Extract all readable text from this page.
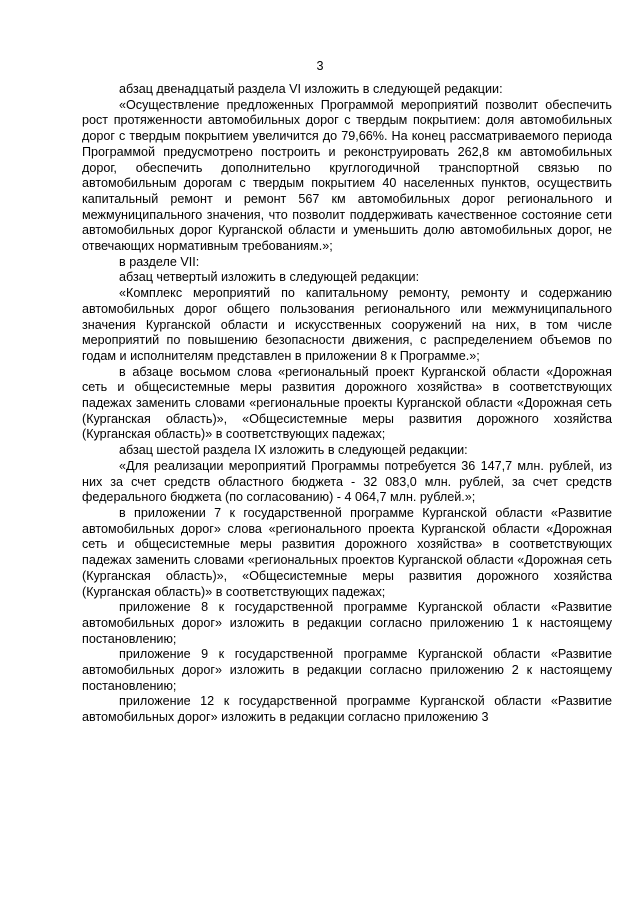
3

абзац двенадцатый раздела VI изложить в следующей редакции:

«Осуществление предложенных Программой мероприятий позволит обеспечить рост протяженности автомобильных дорог с твердым покрытием: доля автомобильных дорог с твердым покрытием увеличится до 79,66%. На конец рассматриваемого периода Программой предусмотрено построить и реконструировать 262,8 км автомобильных дорог, обеспечить дополнительно круглогодичной транспортной связью по автомобильным дорогам с твердым покрытием 40 населенных пунктов, осуществить капитальный ремонт и ремонт 567 км автомобильных дорог регионального и межмуниципального значения, что позволит поддерживать качественное состояние сети автомобильных дорог Курганской области и уменьшить долю автомобильных дорог, не отвечающих нормативным требованиям.»;

в разделе VII:

абзац четвертый изложить в следующей редакции:

«Комплекс мероприятий по капитальному ремонту, ремонту и содержанию автомобильных дорог общего пользования регионального или межмуниципального значения Курганской области и искусственных сооружений на них, в том числе мероприятий по повышению безопасности движения, с распределением объемов по годам и исполнителям представлен в приложении 8 к Программе.»;

в абзаце восьмом слова «региональный проект Курганской области «Дорожная сеть и общесистемные меры развития дорожного хозяйства» в соответствующих падежах заменить словами «региональные проекты Курганской области «Дорожная сеть (Курганская область)», «Общесистемные меры развития дорожного хозяйства (Курганская область)» в соответствующих падежах;

абзац шестой раздела IX изложить в следующей редакции:

«Для реализации мероприятий Программы потребуется 36 147,7 млн. рублей, из них за счет средств областного бюджета - 32 083,0 млн. рублей, за счет средств федерального бюджета (по согласованию) - 4 064,7 млн. рублей.»;

в приложении 7 к государственной программе Курганской области «Развитие автомобильных дорог» слова «регионального проекта Курганской области «Дорожная сеть и общесистемные меры развития дорожного хозяйства» в соответствующих падежах заменить словами «региональных проектов Курганской области «Дорожная сеть (Курганская область)», «Общесистемные меры развития дорожного хозяйства (Курганская область)» в соответствующих падежах;

приложение 8 к государственной программе Курганской области «Развитие автомобильных дорог» изложить в редакции согласно приложению 1 к настоящему постановлению;

приложение 9 к государственной программе Курганской области «Развитие автомобильных дорог» изложить в редакции согласно приложению 2 к настоящему постановлению;

приложение 12 к государственной программе Курганской области «Развитие автомобильных дорог» изложить в редакции согласно приложению 3
